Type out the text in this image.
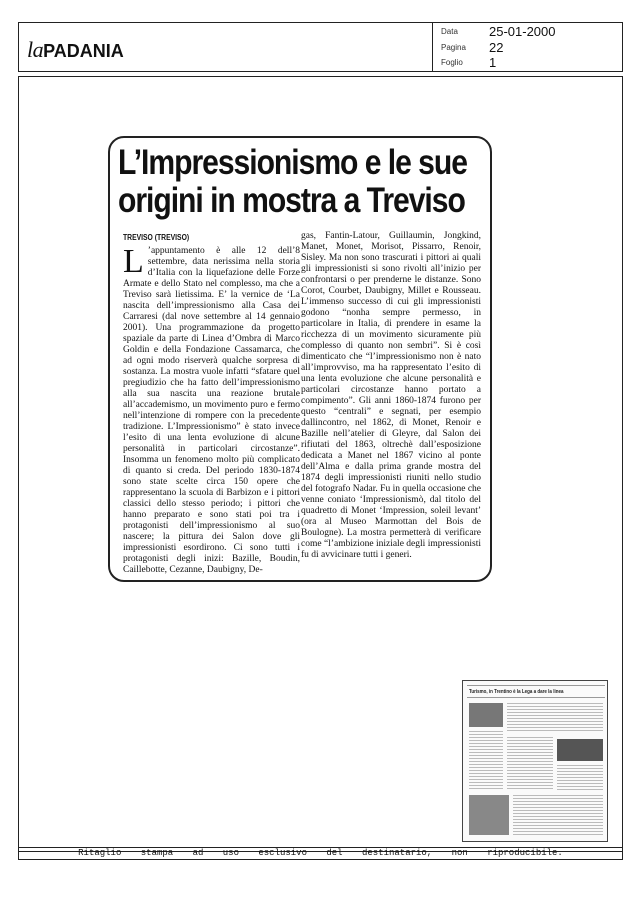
laPADANIA
Data 25-01-2000
Pagina 22
Foglio 1
L’Impressionismo e le sue
origini in mostra a Treviso
TREVISO (TREVISO)
L ’appuntamento è alle 12 dell’8 settembre, data nerissima nella storia d’Italia con la liquefazione delle Forze Armate e dello Stato nel complesso, ma che a Treviso sarà lietissima. E’ la vernice de ‘La nascita dell’impressionismo alla Casa dei Carraresi (dal nove settembre al 14 gennaio 2001). Una programmazione da progetto spaziale da parte di Linea d’Ombra di Marco Goldin e della Fondazione Cassamarca, che ad ogni modo riserverà qualche sorpresa di sostanza. La mostra vuole infatti “sfatare quel pregiudizio che ha fatto dell’impressionismo alla sua nascita una reazione brutale all’accademismo, un movimento puro e fermo nell’intenzione di rompere con la precedente tradizione. L’Impressionismo” è stato invece l’esito di una lenta evoluzione di alcune personalità in particolari circostanze”. Insomma un fenomeno molto più complicato di quanto si creda. Del periodo 1830-1874 sono state scelte circa 150 opere che rappresentano la scuola di Barbizon e i pittori classici dello stesso periodo; i pittori che hanno preparato e sono stati poi tra i protagonisti dell’impressionismo al suo nascere; la pittura dei Salon dove gli impressionisti esordirono. Ci sono tutti i protagonisti degli inizi: Bazille, Boudin, Caillebotte, Cezanne, Daubigny, De-
gas, Fantin-Latour, Guillaumin, Jongkind, Manet, Monet, Morisot, Pissarro, Renoir, Sisley. Ma non sono trascurati i pittori ai quali gli impressionisti si sono rivolti all’inizio per confrontarsi o per prenderne le distanze. Sono Corot, Courbet, Daubigny, Millet e Rousseau. L’immenso successo di cui gli impressionisti godono “nonha sempre permesso, in particolare in Italia, di prendere in esame la ricchezza di un movimento sicuramente più complesso di quanto non sembri”. Si è così dimenticato che “l’impressionismo non è nato all’improvviso, ma ha rappresentato l’esito di una lenta evoluzione che alcune personalità e particolari circostanze hanno portato a compimento”. Gli anni 1860-1874 furono per questo “centrali” e segnati, per esempio dallincontro, nel 1862, di Monet, Renoir e Bazille nell’atelier di Gleyre, dal Salon dei rifiutati del 1863, oltrechè dall’esposizione dedicata a Manet nel 1867 vicino al ponte dell’Alma e dalla prima grande mostra del 1874 degli impressionisti riuniti nello studio del fotografo Nadar. Fu in quella occasione che venne coniato ‘Impressionismò, dal titolo del quadretto di Monet ‘Impression, soleil levant’ (ora al Museo Marmottan del Bois de Boulogne). La mostra permetterà di verificare come “l’ambizione iniziale degli impressionisti fu di avvicinare tutti i generi.
Turismo, in Trentino è la Lega a dare la linea
Ritaglio stampa ad uso esclusivo del destinatario, non riproducibile.
